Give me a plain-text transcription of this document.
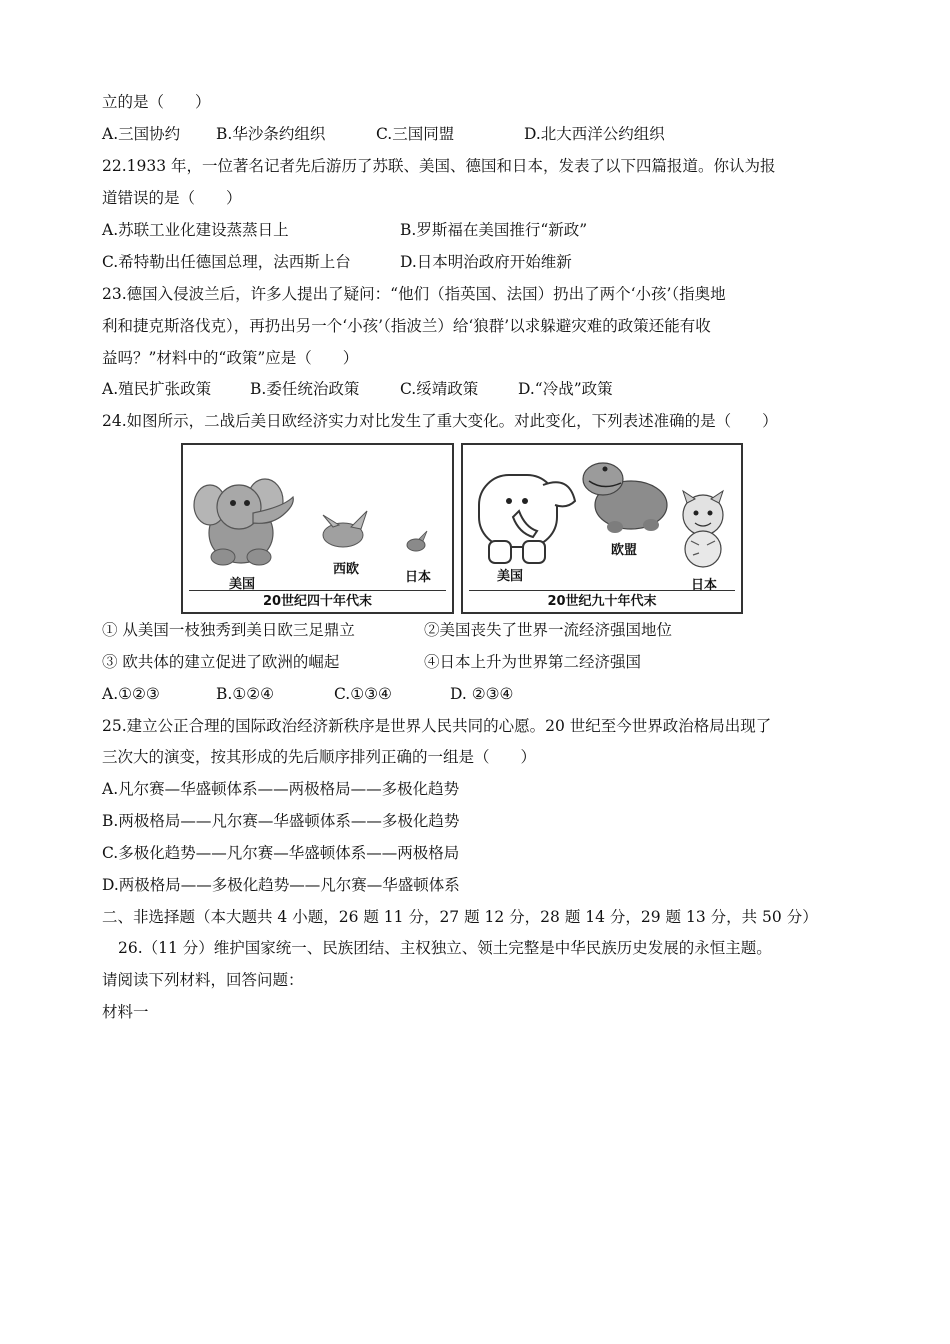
立的是（　　）
A.三国协约 B.华沙条约组织	C.三国同盟	D.北大西洋公约组织
22.1933 年，一位著名记者先后游历了苏联、美国、德国和日本，发表了以下四篇报道。你认为报
道错误的是（　　）
A.苏联工业化建设蒸蒸日上	B.罗斯福在美国推行“新政”
C.希特勒出任德国总理，法西斯上台	D.日本明治政府开始维新
23.德国入侵波兰后，许多人提出了疑问：“他们（指英国、法国）扔出了两个‘小孩’（指奥地
利和捷克斯洛伐克），再扔出另一个‘小孩’（指波兰）给‘狼群’以求躲避灾难的政策还能有收
益吗？”材料中的“政策”应是（　　）
A.殖民扩张政策	B.委任统治政策	C.绥靖政策	D.“冷战”政策
24.如图所示，二战后美日欧经济实力对比发生了重大变化。对此变化，下列表述准确的是（　　）
美国
西欧
日本
20世纪四十年代末
美国
欧盟
日本
20世纪九十年代末
① 从美国一枝独秀到美日欧三足鼎立	②美国丧失了世界一流经济强国地位
③ 欧共体的建立促进了欧洲的崛起	④日本上升为世界第二经济强国
A.①②③	B.①②④	C.①③④	D. ②③④
25.建立公正合理的国际政治经济新秩序是世界人民共同的心愿。20 世纪至今世界政治格局出现了
三次大的演变，按其形成的先后顺序排列正确的一组是（　　）
A.凡尔赛—华盛顿体系——两极格局——多极化趋势
B.两极格局——凡尔赛—华盛顿体系——多极化趋势
C.多极化趋势——凡尔赛—华盛顿体系——两极格局
D.两极格局——多极化趋势——凡尔赛—华盛顿体系
二、非选择题（本大题共 4 小题，26 题 11 分，27 题 12 分，28 题 14 分，29 题 13 分，共 50 分）
26.（11 分）维护国家统一、民族团结、主权独立、领土完整是中华民族历史发展的永恒主题。
请阅读下列材料，回答问题：
材料一
